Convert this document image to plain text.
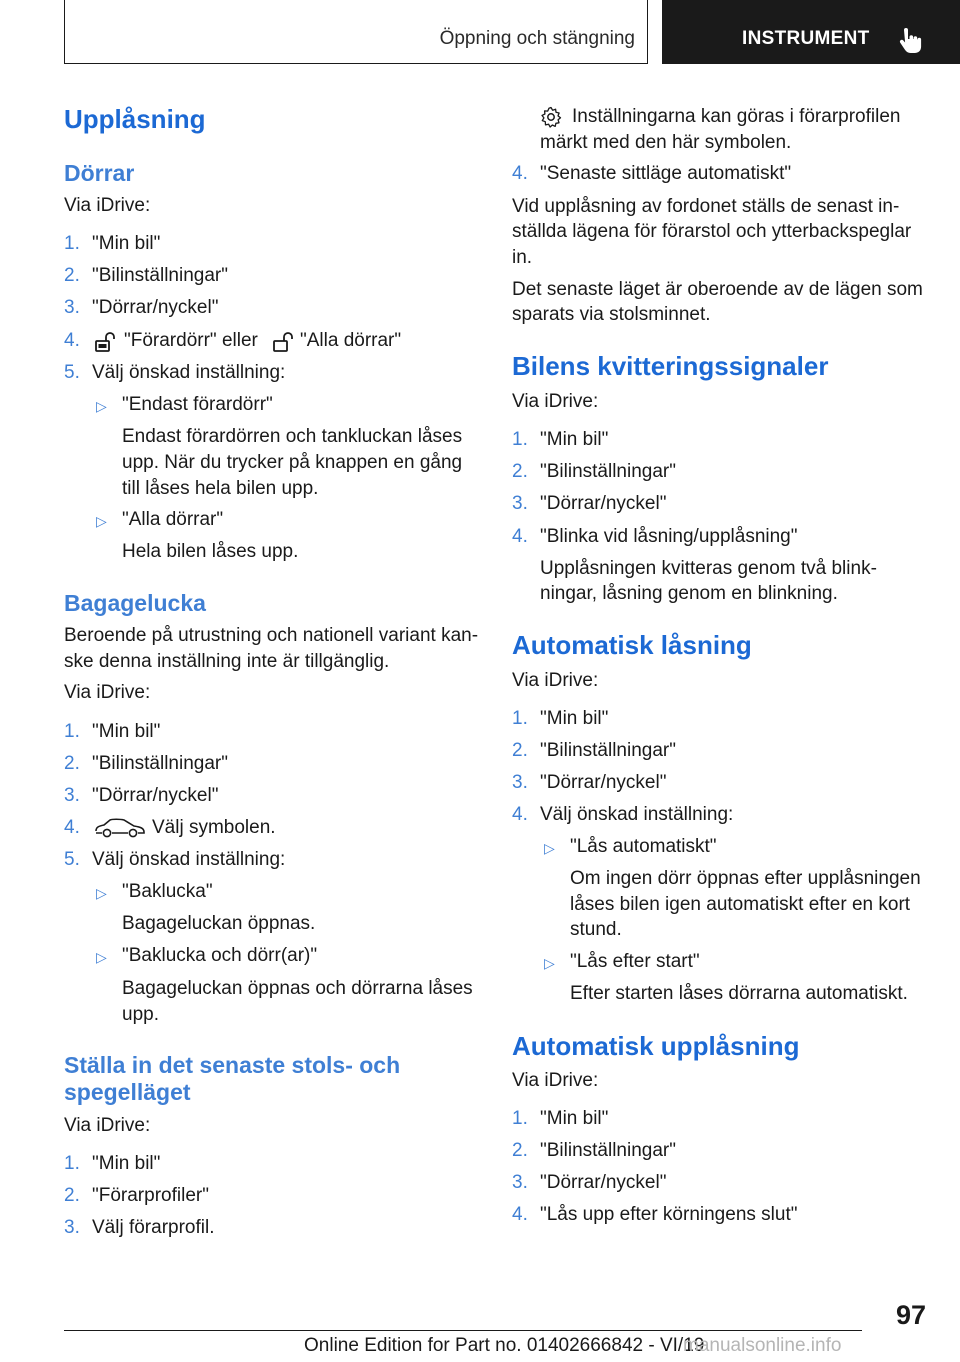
Öppning och stängning	INSTRUMENT
Upplåsning
Dörrar
Via iDrive:
1. "Min bil"
2. "Bilinställningar"
3. "Dörrar/nyckel"
4. "Förardörr" eller "Alla dörrar"
5. Välj önskad inställning:
▷ "Endast förardörr"
Endast förardörren och tankluckan låses
upp. När du trycker på knappen en gång
till låses hela bilen upp.
▷ "Alla dörrar"
Hela bilen låses upp.
Bagagelucka
Beroende på utrustning och nationell variant kan-
ske denna inställning inte är tillgänglig.
Via iDrive:
1. "Min bil"
2. "Bilinställningar"
3. "Dörrar/nyckel"
4.	Välj symbolen.
5. Välj önskad inställning:
▷ "Baklucka"
Bagageluckan öppnas.
▷ "Baklucka och dörr(ar)"
Bagageluckan öppnas och dörrarna låses
upp.
Ställa in det senaste stols- och
spegelläget
Via iDrive:
1. "Min bil"
2. "Förarprofiler"
3. Välj förarprofil.
Inställningarna kan göras i förarprofilen
märkt med den här symbolen.
4. "Senaste sittläge automatiskt"
Vid upplåsning av fordonet ställs de senast in-
ställda lägena för förarstol och ytterbackspeglar
in.
Det senaste läget är oberoende av de lägen som
sparats via stolsminnet.
Bilens kvitteringssignaler
Via iDrive:
1. "Min bil"
2. "Bilinställningar"
3. "Dörrar/nyckel"
4. "Blinka vid låsning/upplåsning"
Upplåsningen kvitteras genom två blink-
ningar, låsning genom en blinkning.
Automatisk låsning
Via iDrive:
1. "Min bil"
2. "Bilinställningar"
3. "Dörrar/nyckel"
4. Välj önskad inställning:
▷ "Lås automatiskt"
Om ingen dörr öppnas efter upplåsningen
låses bilen igen automatiskt efter en kort
stund.
▷ "Lås efter start"
Efter starten låses dörrarna automatiskt.
Automatisk upplåsning
Via iDrive:
1. "Min bil"
2. "Bilinställningar"
3. "Dörrar/nyckel"
4. "Lås upp efter körningens slut"
97
Online Edition for Part no. 01402666842 - VI/19
manualsonline.info
